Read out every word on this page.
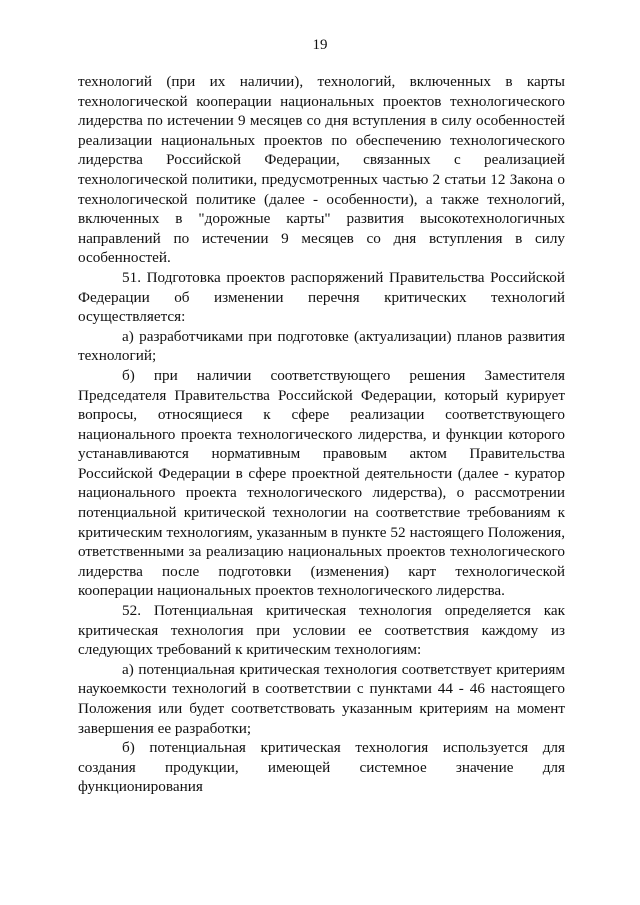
19

технологий (при их наличии), технологий, включенных в карты технологической кооперации национальных проектов технологического лидерства по истечении 9 месяцев со дня вступления в силу особенностей реализации национальных проектов по обеспечению технологического лидерства Российской Федерации, связанных с реализацией технологической политики, предусмотренных частью 2 статьи 12 Закона о технологической политике (далее - особенности), а также технологий, включенных в "дорожные карты" развития высокотехнологичных направлений по истечении 9 месяцев со дня вступления в силу особенностей.

51. Подготовка проектов распоряжений Правительства Российской Федерации об изменении перечня критических технологий осуществляется:

а) разработчиками при подготовке (актуализации) планов развития технологий;

б) при наличии соответствующего решения Заместителя Председателя Правительства Российской Федерации, который курирует вопросы, относящиеся к сфере реализации соответствующего национального проекта технологического лидерства, и функции которого устанавливаются нормативным правовым актом Правительства Российской Федерации в сфере проектной деятельности (далее - куратор национального проекта технологического лидерства), о рассмотрении потенциальной критической технологии на соответствие требованиям к критическим технологиям, указанным в пункте 52 настоящего Положения, ответственными за реализацию национальных проектов технологического лидерства после подготовки (изменения) карт технологической кооперации национальных проектов технологического лидерства.

52. Потенциальная критическая технология определяется как критическая технология при условии ее соответствия каждому из следующих требований к критическим технологиям:

а) потенциальная критическая технология соответствует критериям наукоемкости технологий в соответствии с пунктами 44 - 46 настоящего Положения или будет соответствовать указанным критериям на момент завершения ее разработки;

б) потенциальная критическая технология используется для создания продукции, имеющей системное значение для функционирования
